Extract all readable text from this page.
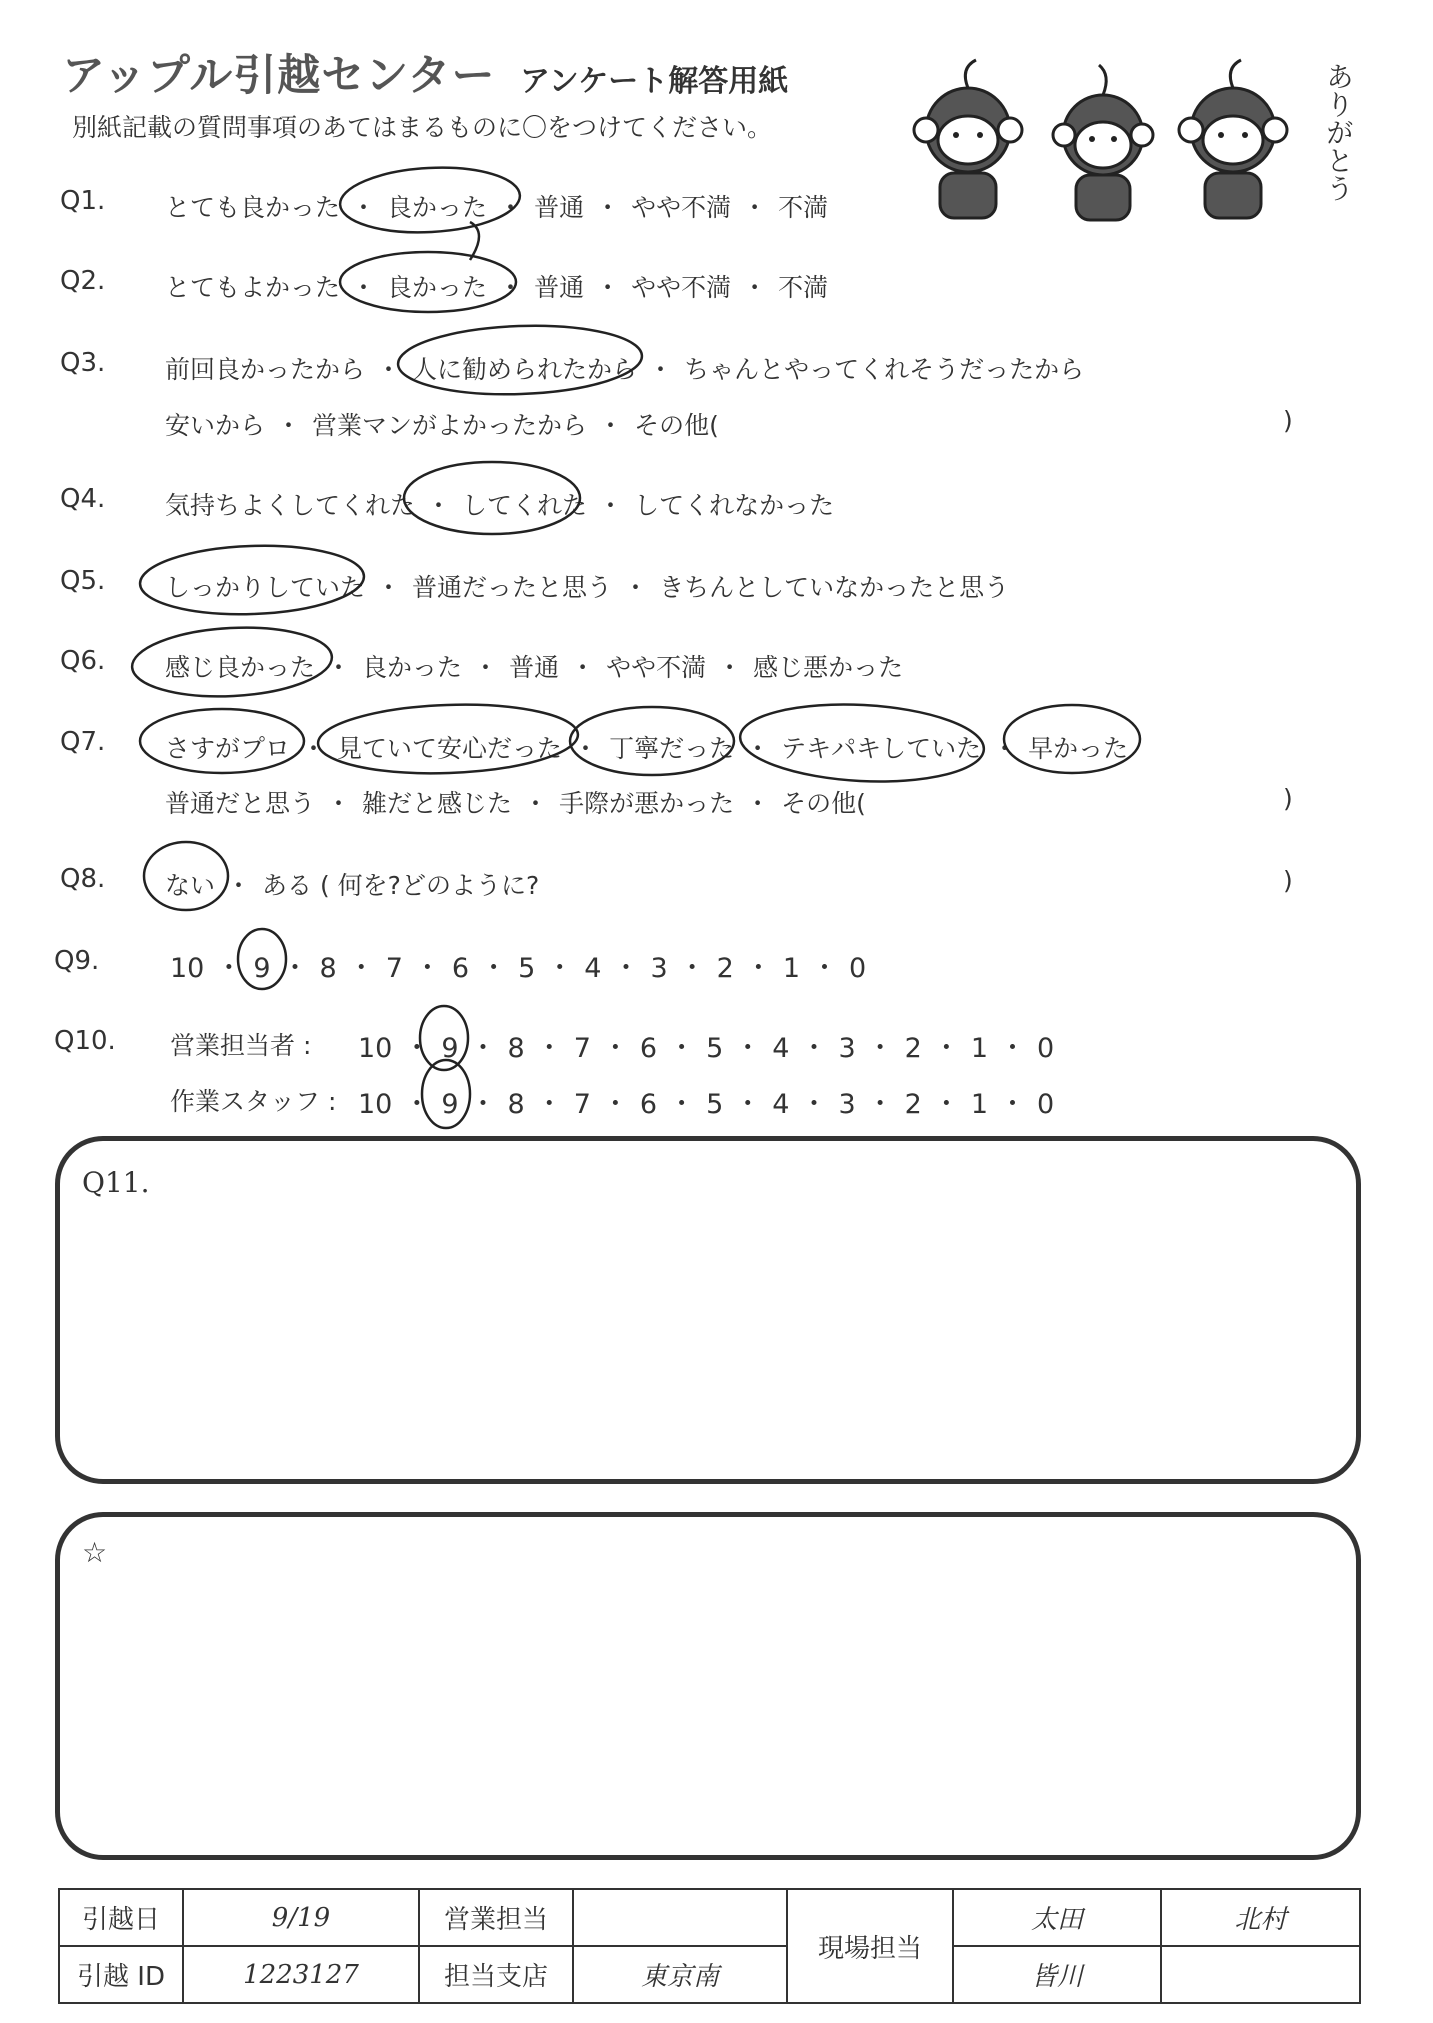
アップル引越センター アンケート解答用紙
別紙記載の質問事項のあてはまるものに〇をつけてください。	ありがとう
Q1. とても良かった ・ 良かった ・ 普通 ・ やや不満 ・ 不満
Q2. とてもよかった ・ 良かった ・ 普通 ・ やや不満 ・ 不満
Q3. 前回良かったから ・ 人に勧められたから ・ ちゃんとやってくれそうだったから
安いから ・ 営業マンがよかったから ・ その他(	)
Q4. 気持ちよくしてくれた ・ してくれた ・ してくれなかった
Q5. しっかりしていた ・ 普通だったと思う ・ きちんとしていなかったと思う
Q6. 感じ良かった ・ 良かった ・ 普通 ・ やや不満 ・ 感じ悪かった
Q7. さすがプロ ・ 見ていて安心だった ・ 丁寧だった ・ テキパキしていた ・ 早かった
普通だと思う ・ 雑だと感じた ・ 手際が悪かった ・ その他(	)
Q8. ない ・ ある ( 何を?どのように?	)
Q9.	10 ・ 9 ・ 8 ・ 7 ・ 6 ・ 5 ・ 4 ・ 3 ・ 2 ・ 1 ・ 0
Q10. 営業担当者 : 10 ・ 9 ・ 8 ・ 7 ・ 6 ・ 5 ・ 4 ・ 3 ・ 2 ・ 1 ・ 0
作業スタッフ : 10 ・ 9 ・ 8 ・ 7 ・ 6 ・ 5 ・ 4 ・ 3 ・ 2 ・ 1 ・ 0
Q11.
☆
引越日	9/19	営業担当		現場担当	太田	北村
引越 ID	1223127	担当支店	東京南		皆川	
